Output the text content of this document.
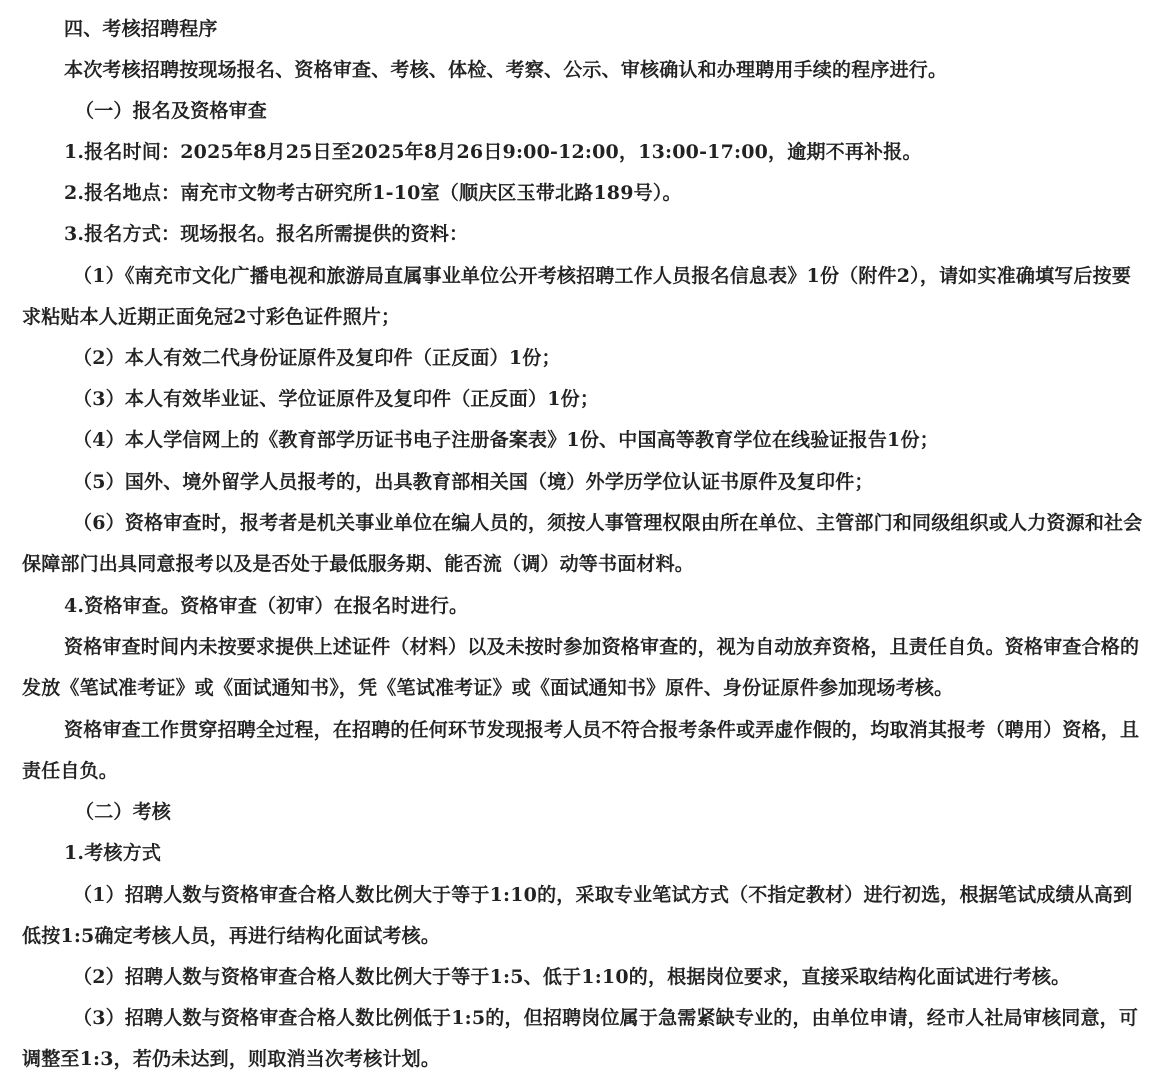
四、考核招聘程序

本次考核招聘按现场报名、资格审查、考核、体检、考察、公示、审核确认和办理聘用手续的程序进行。

（一）报名及资格审查

1.报名时间：2025年8月25日至2025年8月26日9:00-12:00，13:00-17:00，逾期不再补报。

2.报名地点：南充市文物考古研究所1-10室（顺庆区玉带北路189号）。

3.报名方式：现场报名。报名所需提供的资料：

（1）《南充市文化广播电视和旅游局直属事业单位公开考核招聘工作人员报名信息表》1份（附件2），请如实准确填写后按要求粘贴本人近期正面免冠2寸彩色证件照片；

（2）本人有效二代身份证原件及复印件（正反面）1份；

（3）本人有效毕业证、学位证原件及复印件（正反面）1份；

（4）本人学信网上的《教育部学历证书电子注册备案表》1份、中国高等教育学位在线验证报告1份；

（5）国外、境外留学人员报考的，出具教育部相关国（境）外学历学位认证书原件及复印件；

（6）资格审查时，报考者是机关事业单位在编人员的，须按人事管理权限由所在单位、主管部门和同级组织或人力资源和社会保障部门出具同意报考以及是否处于最低服务期、能否流（调）动等书面材料。

4.资格审查。资格审查（初审）在报名时进行。

资格审查时间内未按要求提供上述证件（材料）以及未按时参加资格审查的，视为自动放弃资格，且责任自负。资格审查合格的发放《笔试准考证》或《面试通知书》，凭《笔试准考证》或《面试通知书》原件、身份证原件参加现场考核。

资格审查工作贯穿招聘全过程，在招聘的任何环节发现报考人员不符合报考条件或弄虚作假的，均取消其报考（聘用）资格，且责任自负。

（二）考核

1.考核方式

（1）招聘人数与资格审查合格人数比例大于等于1:10的，采取专业笔试方式（不指定教材）进行初选，根据笔试成绩从高到低按1:5确定考核人员，再进行结构化面试考核。

（2）招聘人数与资格审查合格人数比例大于等于1:5、低于1:10的，根据岗位要求，直接采取结构化面试进行考核。

（3）招聘人数与资格审查合格人数比例低于1:5的，但招聘岗位属于急需紧缺专业的，由单位申请，经市人社局审核同意，可调整至1:3，若仍未达到，则取消当次考核计划。
